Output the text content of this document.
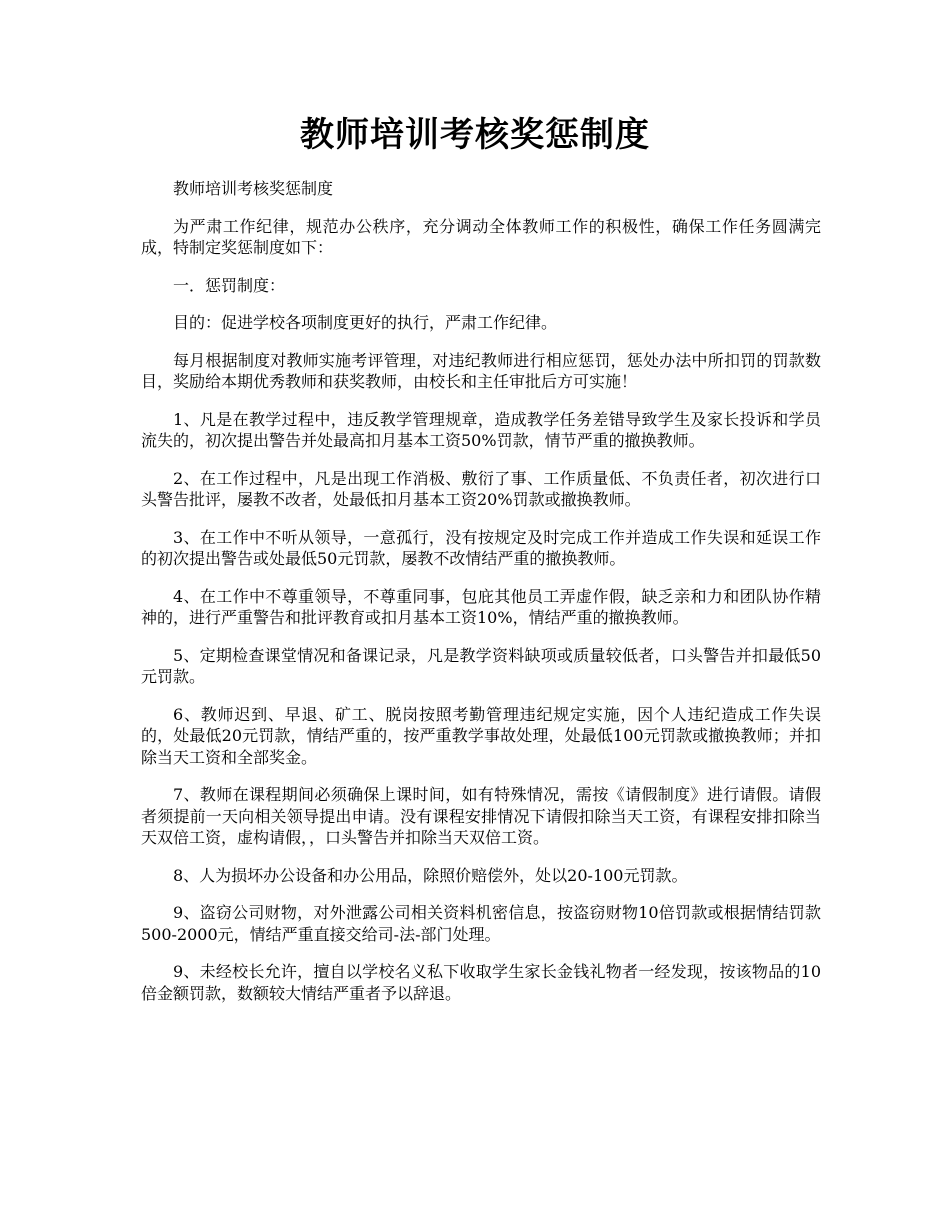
教师培训考核奖惩制度

教师培训考核奖惩制度

为严肃工作纪律，规范办公秩序，充分调动全体教师工作的积极性，确保工作任务圆满完成，特制定奖惩制度如下：

一．惩罚制度：

目的：促进学校各项制度更好的执行，严肃工作纪律。

每月根据制度对教师实施考评管理，对违纪教师进行相应惩罚，惩处办法中所扣罚的罚款数目，奖励给本期优秀教师和获奖教师，由校长和主任审批后方可实施！

1、凡是在教学过程中，违反教学管理规章，造成教学任务差错导致学生及家长投诉和学员流失的，初次提出警告并处最高扣月基本工资50%罚款，情节严重的撤换教师。

2、在工作过程中，凡是出现工作消极、敷衍了事、工作质量低、不负责任者，初次进行口头警告批评，屡教不改者，处最低扣月基本工资20%罚款或撤换教师。

3、在工作中不听从领导，一意孤行，没有按规定及时完成工作并造成工作失误和延误工作的初次提出警告或处最低50元罚款，屡教不改情结严重的撤换教师。

4、在工作中不尊重领导，不尊重同事，包庇其他员工弄虚作假，缺乏亲和力和团队协作精神的，进行严重警告和批评教育或扣月基本工资10%，情结严重的撤换教师。

5、定期检查课堂情况和备课记录，凡是教学资料缺项或质量较低者，口头警告并扣最低50元罚款。

6、教师迟到、早退、矿工、脱岗按照考勤管理违纪规定实施，因个人违纪造成工作失误的，处最低20元罚款，情结严重的，按严重教学事故处理，处最低100元罚款或撤换教师；并扣除当天工资和全部奖金。

7、教师在课程期间必须确保上课时间，如有特殊情况，需按《请假制度》进行请假。请假者须提前一天向相关领导提出申请。没有课程安排情况下请假扣除当天工资，有课程安排扣除当天双倍工资，虚构请假，，口头警告并扣除当天双倍工资。

8、人为损坏办公设备和办公用品，除照价赔偿外，处以20-100元罚款。

9、盗窃公司财物，对外泄露公司相关资料机密信息，按盗窃财物10倍罚款或根据情结罚款500-2000元，情结严重直接交给司-法-部门处理。

9、未经校长允许，擅自以学校名义私下收取学生家长金钱礼物者一经发现，按该物品的10倍金额罚款，数额较大情结严重者予以辞退。
